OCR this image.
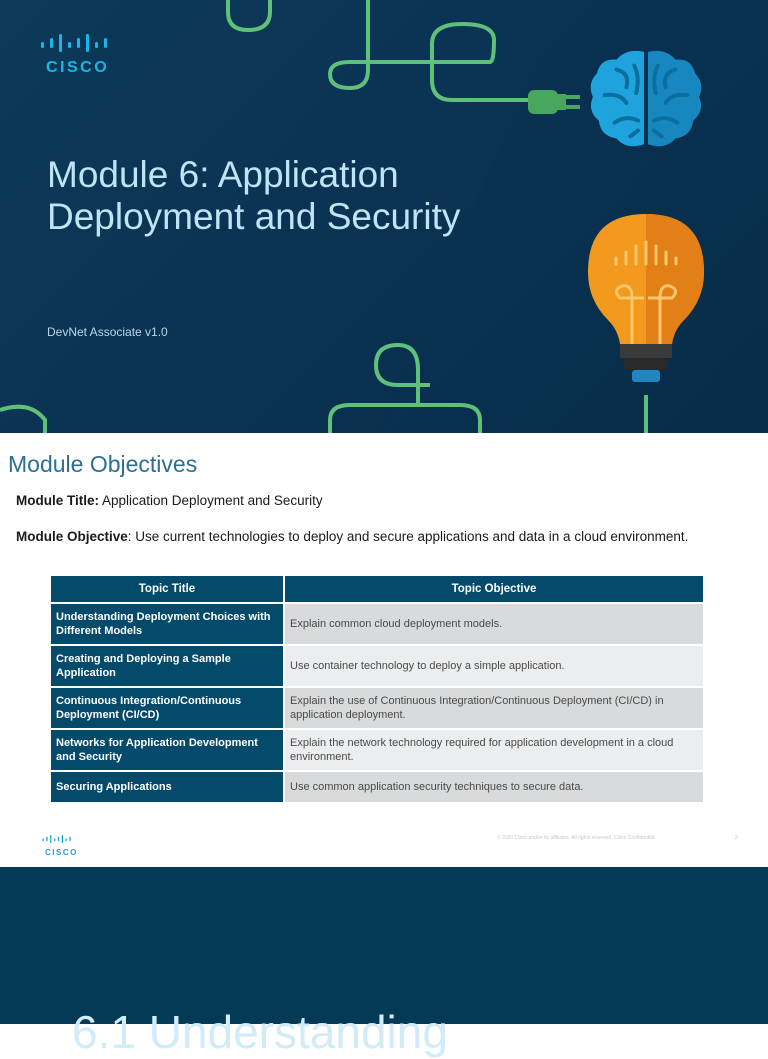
CISCO
Module 6: Application Deployment and Security
DevNet Associate v1.0
Module Objectives
Module Title: Application Deployment and Security
Module Objective: Use current technologies to deploy and secure applications and data in a cloud environment.
Topic Title	Topic Objective
Understanding Deployment Choices with Different Models	Explain common cloud deployment models.
Creating and Deploying a Sample Application	Use container technology to deploy a simple application.
Continuous Integration/Continuous Deployment (CI/CD)	Explain the use of Continuous Integration/Continuous Deployment (CI/CD) in application deployment.
Networks for Application Development and Security	Explain the network technology required for application development in a cloud environment.
Securing Applications	Use common application security techniques to secure data.
CISCO
© 2020 Cisco and/or its affiliates. All rights reserved. Cisco Confidential	2
6.1 Understanding
